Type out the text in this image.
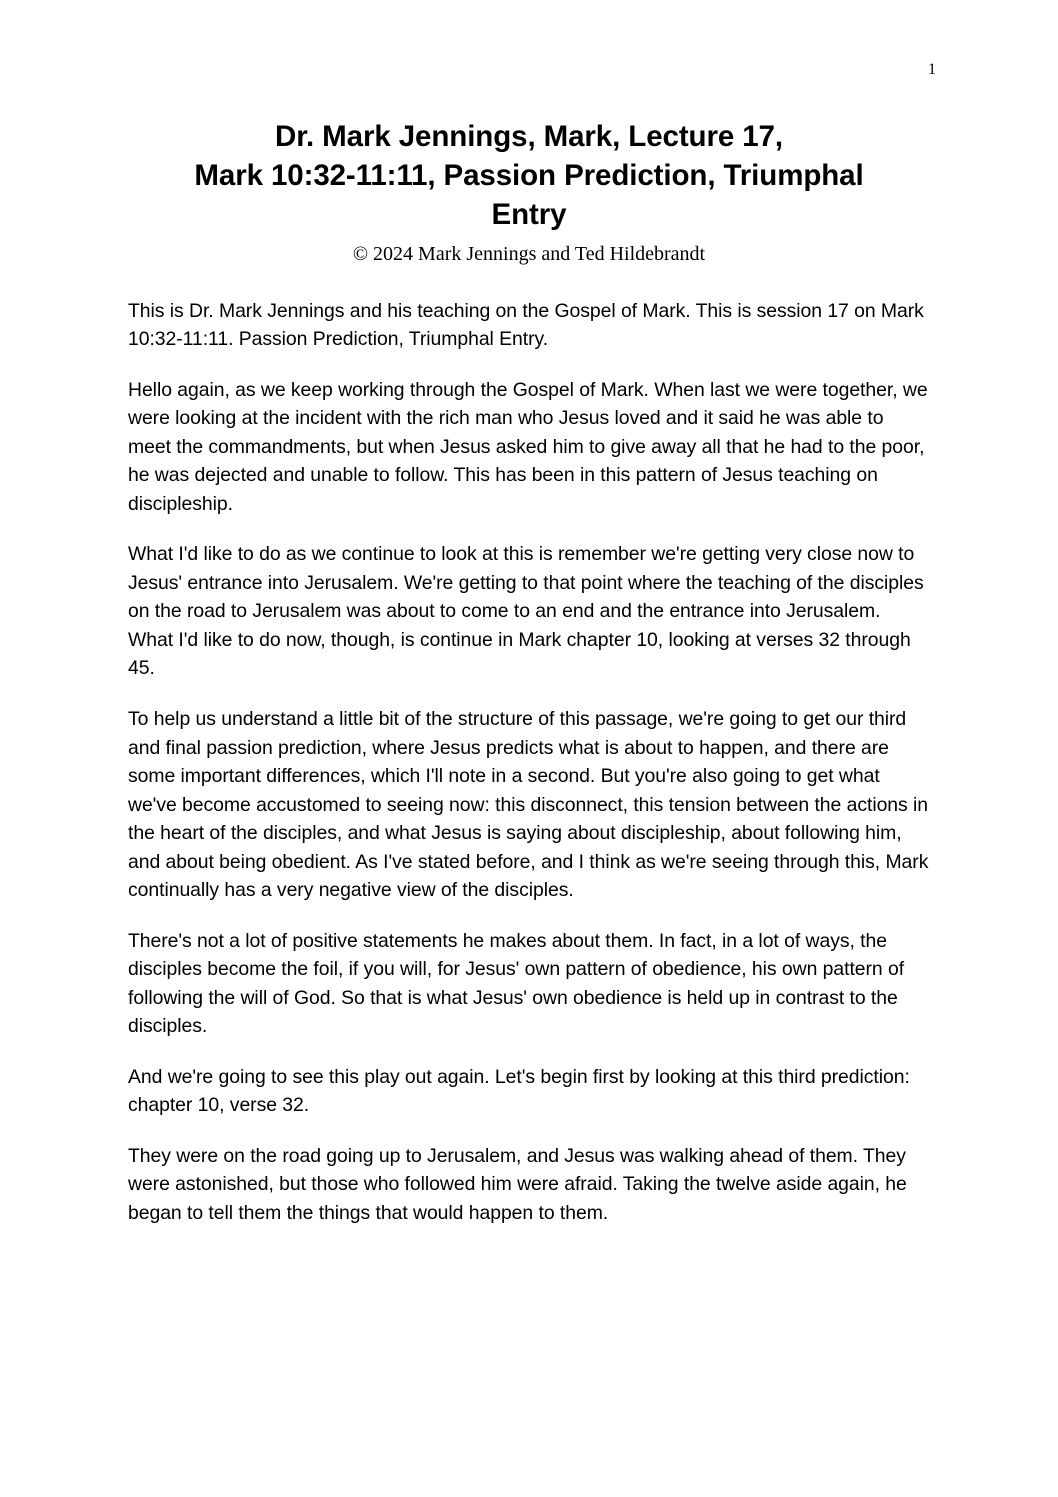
1
Dr. Mark Jennings, Mark, Lecture 17,
Mark 10:32-11:11, Passion Prediction, Triumphal
Entry
© 2024 Mark Jennings and Ted Hildebrandt

This is Dr. Mark Jennings and his teaching on the Gospel of Mark. This is session 17 on Mark 10:32-11:11. Passion Prediction, Triumphal Entry.

Hello again, as we keep working through the Gospel of Mark. When last we were together, we were looking at the incident with the rich man who Jesus loved and it said he was able to meet the commandments, but when Jesus asked him to give away all that he had to the poor, he was dejected and unable to follow. This has been in this pattern of Jesus teaching on discipleship.

What I'd like to do as we continue to look at this is remember we're getting very close now to Jesus' entrance into Jerusalem. We're getting to that point where the teaching of the disciples on the road to Jerusalem was about to come to an end and the entrance into Jerusalem. What I'd like to do now, though, is continue in Mark chapter 10, looking at verses 32 through 45.

To help us understand a little bit of the structure of this passage, we're going to get our third and final passion prediction, where Jesus predicts what is about to happen, and there are some important differences, which I'll note in a second. But you're also going to get what we've become accustomed to seeing now: this disconnect, this tension between the actions in the heart of the disciples, and what Jesus is saying about discipleship, about following him, and about being obedient. As I've stated before, and I think as we're seeing through this, Mark continually has a very negative view of the disciples.

There's not a lot of positive statements he makes about them. In fact, in a lot of ways, the disciples become the foil, if you will, for Jesus' own pattern of obedience, his own pattern of following the will of God. So that is what Jesus' own obedience is held up in contrast to the disciples.

And we're going to see this play out again. Let's begin first by looking at this third prediction: chapter 10, verse 32.

They were on the road going up to Jerusalem, and Jesus was walking ahead of them. They were astonished, but those who followed him were afraid. Taking the twelve aside again, he began to tell them the things that would happen to them.
